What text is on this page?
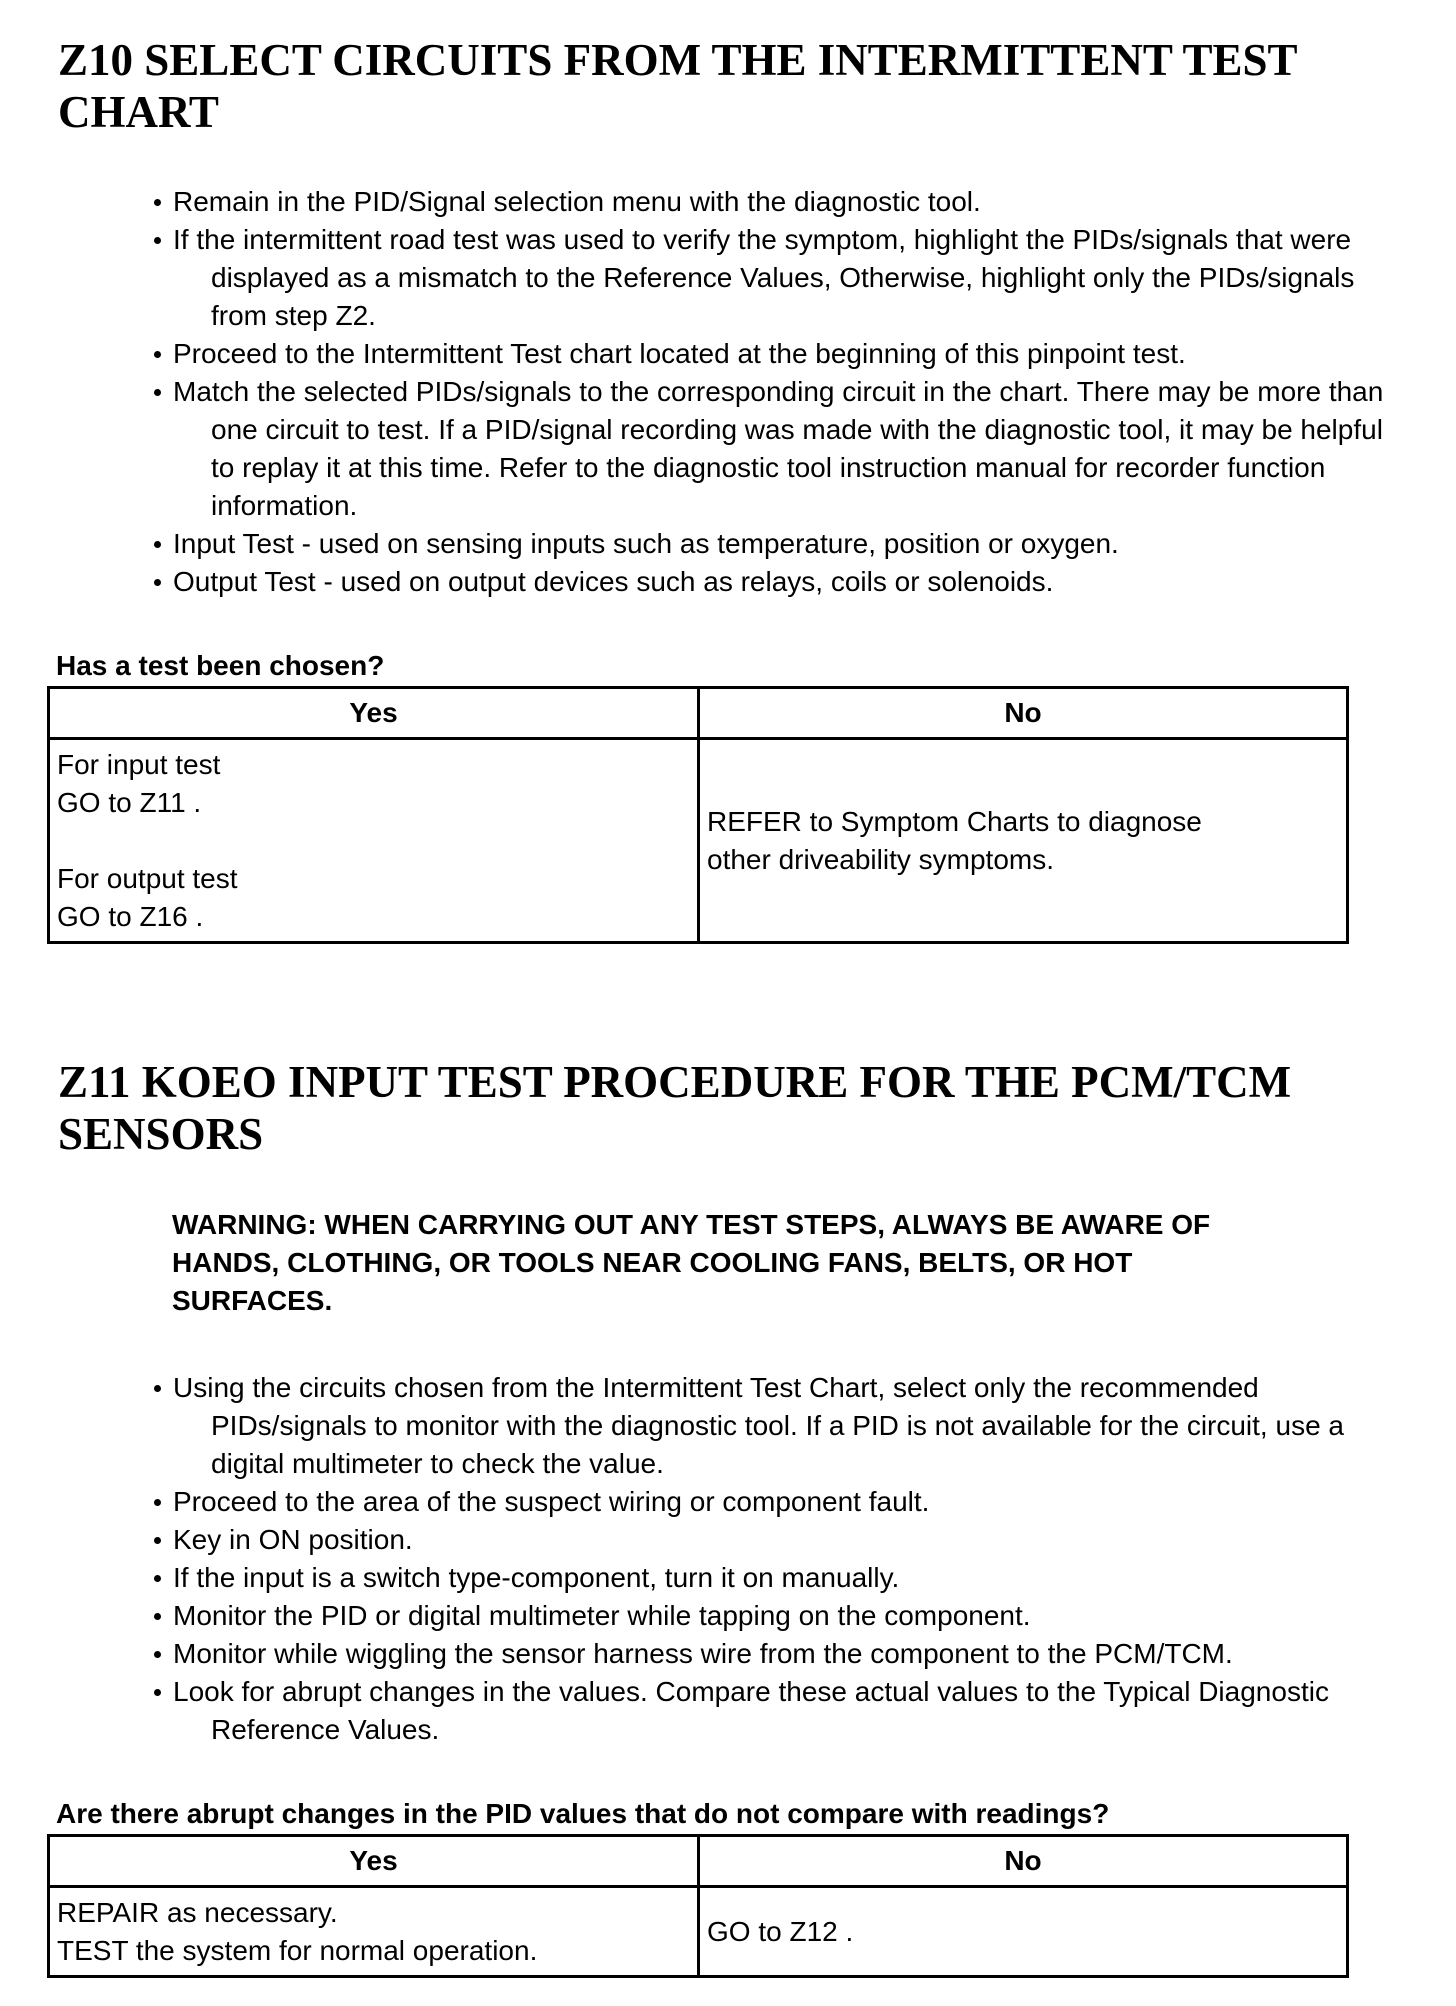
Z10 SELECT CIRCUITS FROM THE INTERMITTENT TEST
CHART
Remain in the PID/Signal selection menu with the diagnostic tool.
If the intermittent road test was used to verify the symptom, highlight the PIDs/signals that were displayed as a mismatch to the Reference Values, Otherwise, highlight only the PIDs/signals from step Z2.
Proceed to the Intermittent Test chart located at the beginning of this pinpoint test.
Match the selected PIDs/signals to the corresponding circuit in the chart. There may be more than one circuit to test. If a PID/signal recording was made with the diagnostic tool, it may be helpful to replay it at this time. Refer to the diagnostic tool instruction manual for recorder function information.
Input Test - used on sensing inputs such as temperature, position or oxygen.
Output Test - used on output devices such as relays, coils or solenoids.
Has a test been chosen?
Yes	No

For input test
GO to Z11 .
For output test
GO to Z16 .	REFER to Symptom Charts to diagnose
other driveability symptoms.
Z11 KOEO INPUT TEST PROCEDURE FOR THE PCM/TCM
SENSORS
WARNING: WHEN CARRYING OUT ANY TEST STEPS, ALWAYS BE AWARE OF
HANDS, CLOTHING, OR TOOLS NEAR COOLING FANS, BELTS, OR HOT
SURFACES.
Using the circuits chosen from the Intermittent Test Chart, select only the recommended PIDs/signals to monitor with the diagnostic tool. If a PID is not available for the circuit, use a digital multimeter to check the value.
Proceed to the area of the suspect wiring or component fault.
Key in ON position.
If the input is a switch type-component, turn it on manually.
Monitor the PID or digital multimeter while tapping on the component.
Monitor while wiggling the sensor harness wire from the component to the PCM/TCM.
Look for abrupt changes in the values. Compare these actual values to the Typical Diagnostic Reference Values.
Are there abrupt changes in the PID values that do not compare with readings?
Yes	No

REPAIR as necessary.
TEST the system for normal operation.	GO to Z12 .
